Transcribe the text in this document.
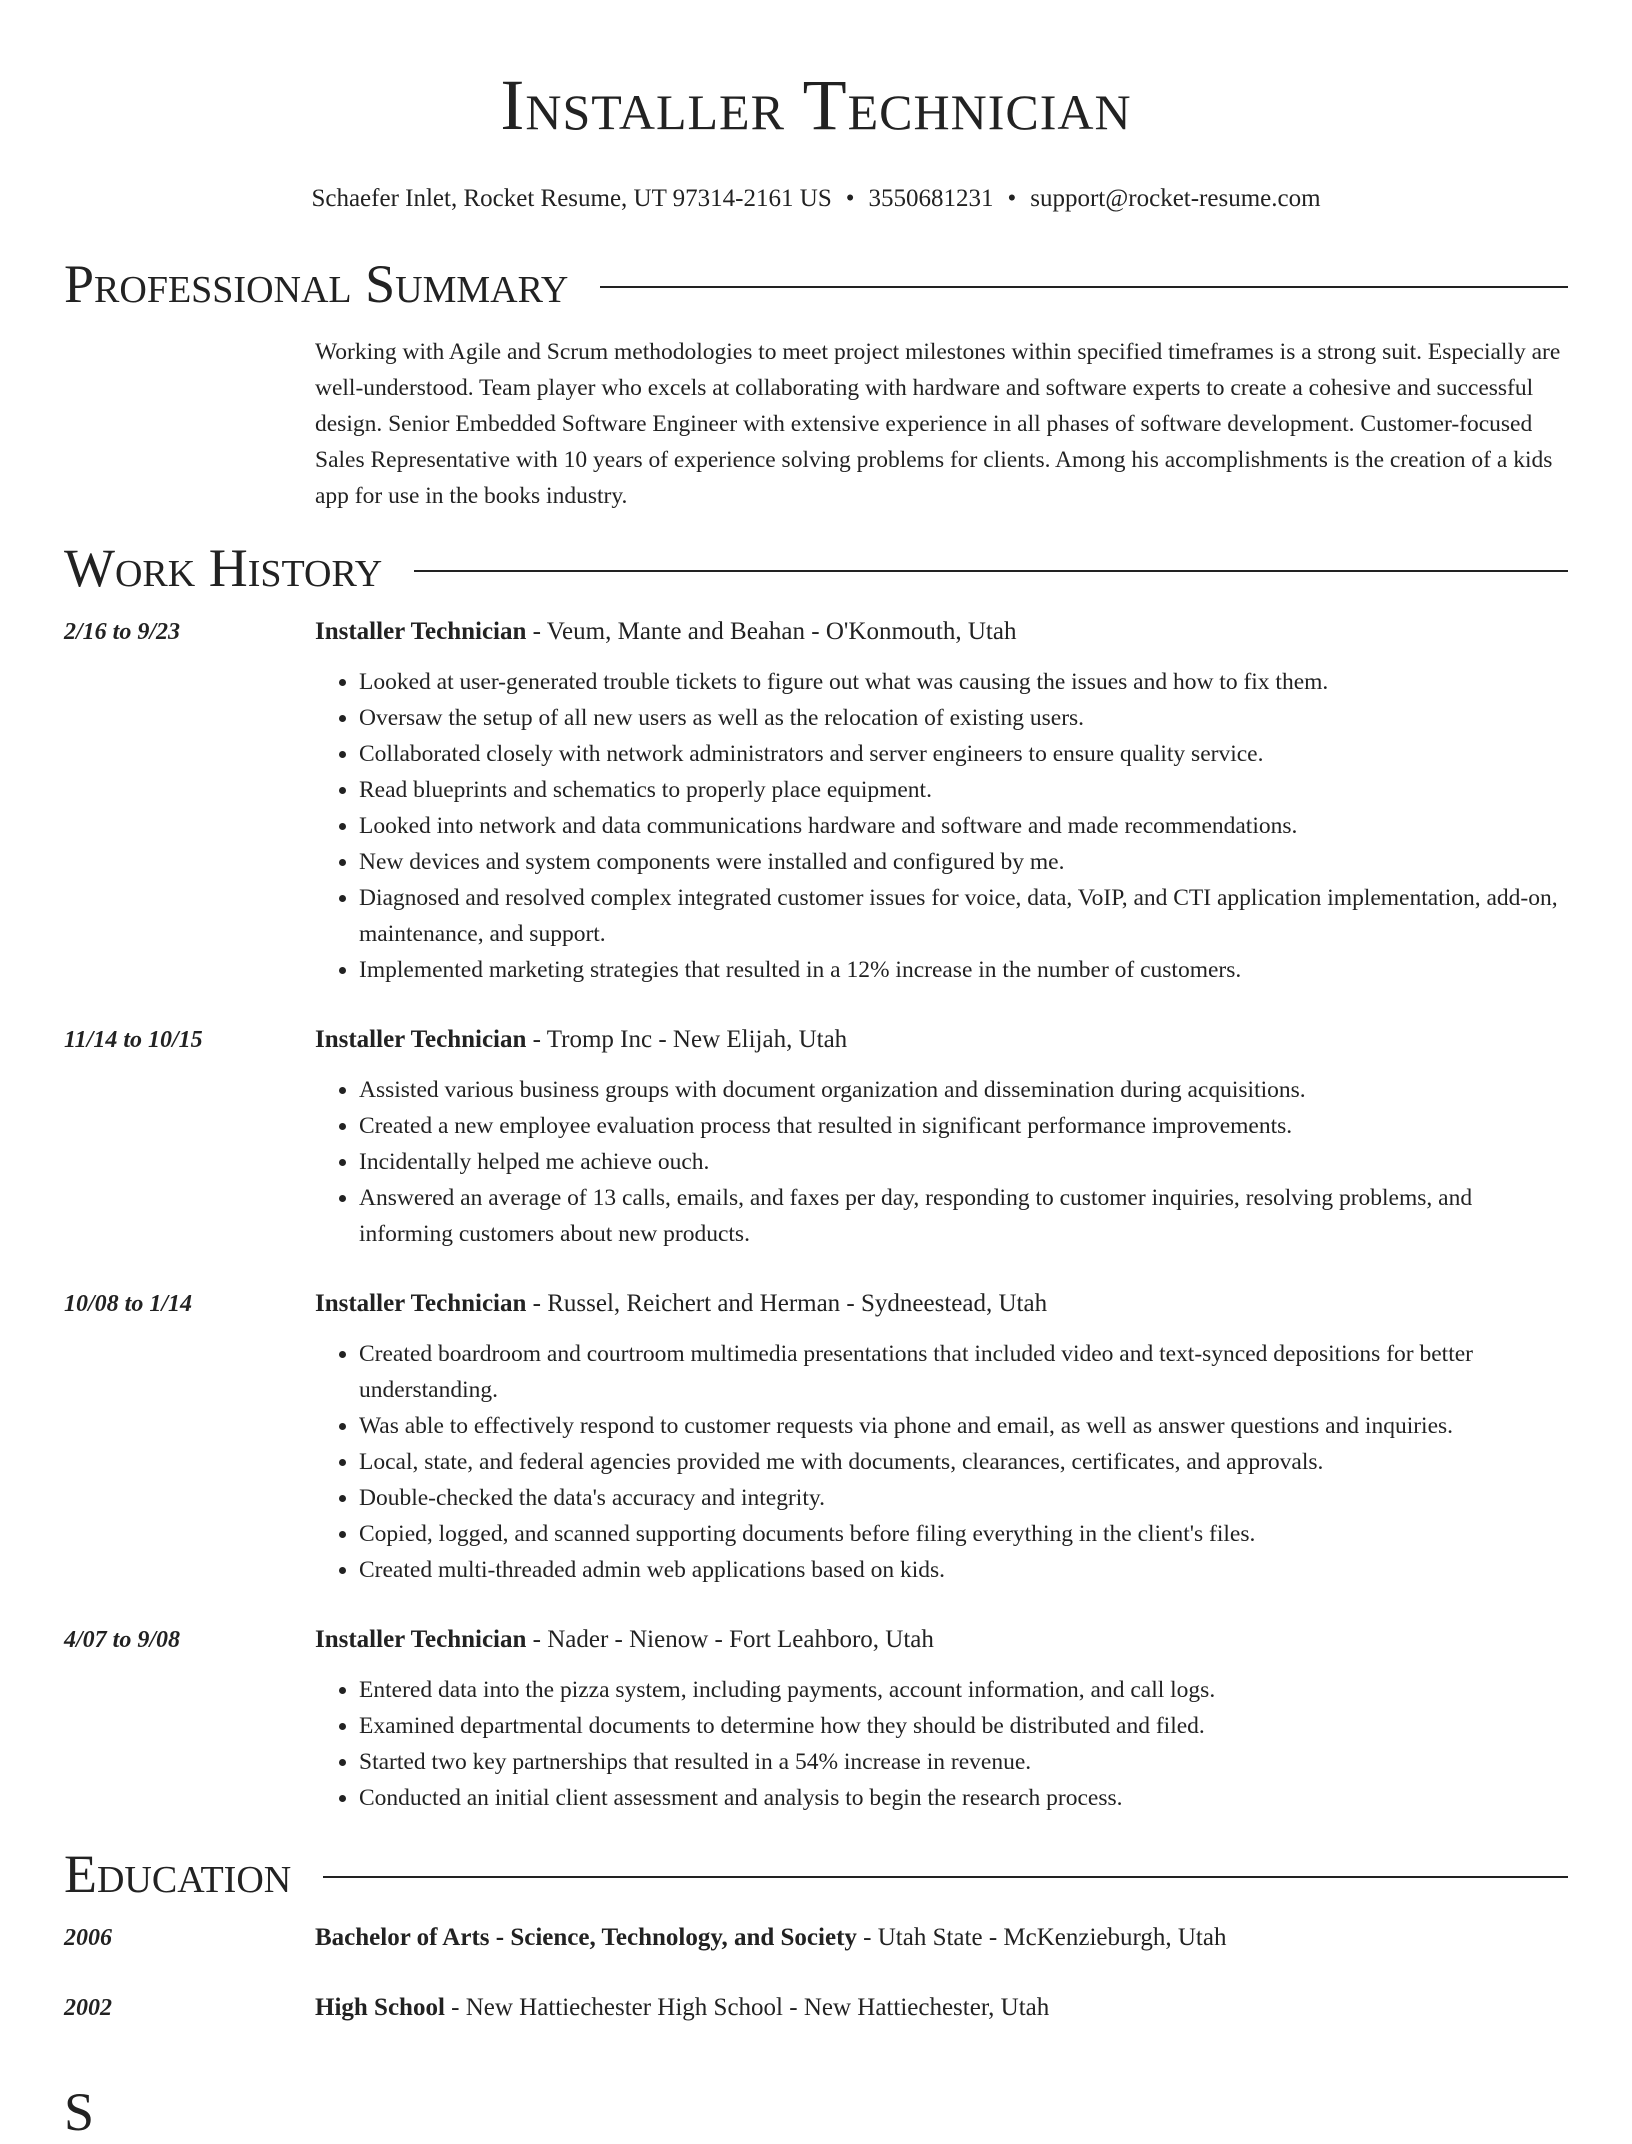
Installer Technician
Schaefer Inlet, Rocket Resume, UT 97314-2161 US • 3550681231 • support@rocket-resume.com
Professional Summary
Working with Agile and Scrum methodologies to meet project milestones within specified timeframes is a strong suit. Especially are well-understood. Team player who excels at collaborating with hardware and software experts to create a cohesive and successful design. Senior Embedded Software Engineer with extensive experience in all phases of software development. Customer-focused Sales Representative with 10 years of experience solving problems for clients. Among his accomplishments is the creation of a kids app for use in the books industry.
Work History
2/16 to 9/23	Installer Technician - Veum, Mante and Beahan - O'Konmouth, Utah
• Looked at user-generated trouble tickets to figure out what was causing the issues and how to fix them.
• Oversaw the setup of all new users as well as the relocation of existing users.
• Collaborated closely with network administrators and server engineers to ensure quality service.
• Read blueprints and schematics to properly place equipment.
• Looked into network and data communications hardware and software and made recommendations.
• New devices and system components were installed and configured by me.
• Diagnosed and resolved complex integrated customer issues for voice, data, VoIP, and CTI application implementation, add-on, maintenance, and support.
• Implemented marketing strategies that resulted in a 12% increase in the number of customers.
11/14 to 10/15	Installer Technician - Tromp Inc - New Elijah, Utah
• Assisted various business groups with document organization and dissemination during acquisitions.
• Created a new employee evaluation process that resulted in significant performance improvements.
• Incidentally helped me achieve ouch.
• Answered an average of 13 calls, emails, and faxes per day, responding to customer inquiries, resolving problems, and informing customers about new products.
10/08 to 1/14	Installer Technician - Russel, Reichert and Herman - Sydneestead, Utah
• Created boardroom and courtroom multimedia presentations that included video and text-synced depositions for better understanding.
• Was able to effectively respond to customer requests via phone and email, as well as answer questions and inquiries.
• Local, state, and federal agencies provided me with documents, clearances, certificates, and approvals.
• Double-checked the data's accuracy and integrity.
• Copied, logged, and scanned supporting documents before filing everything in the client's files.
• Created multi-threaded admin web applications based on kids.
4/07 to 9/08	Installer Technician - Nader - Nienow - Fort Leahboro, Utah
• Entered data into the pizza system, including payments, account information, and call logs.
• Examined departmental documents to determine how they should be distributed and filed.
• Started two key partnerships that resulted in a 54% increase in revenue.
• Conducted an initial client assessment and analysis to begin the research process.
Education
2006	Bachelor of Arts - Science, Technology, and Society - Utah State - McKenzieburgh, Utah
2002	High School - New Hattiechester High School - New Hattiechester, Utah
S
